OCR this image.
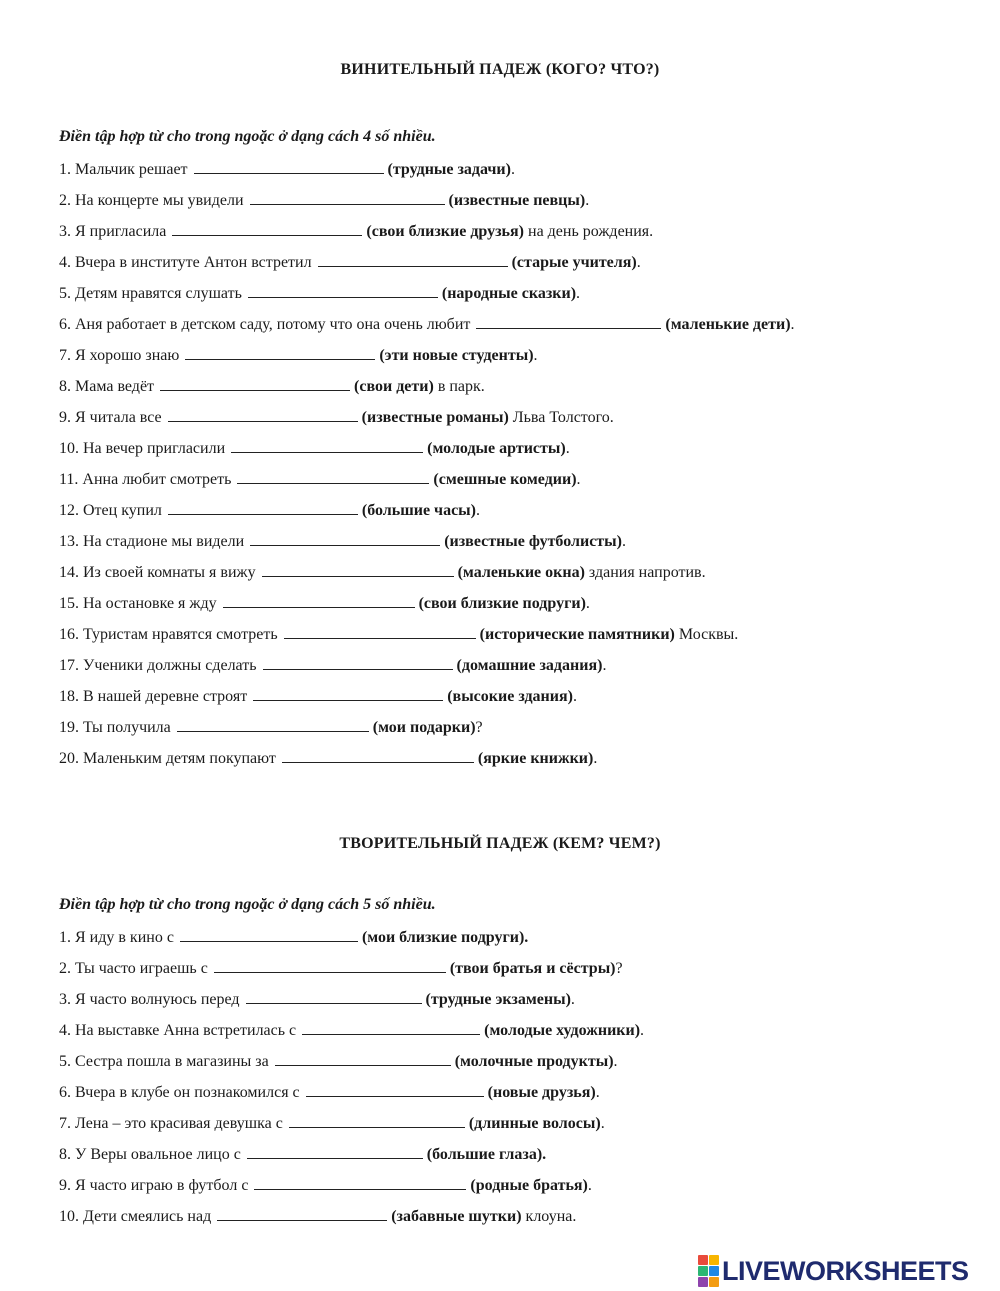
ВИНИТЕЛЬНЫЙ ПАДЕЖ (КОГО? ЧТО?)
Điền tập hợp từ cho trong ngoặc ở dạng cách 4 số nhiều.
1. Мальчик решает	(трудные задачи).
2. На концерте мы увидели	(известные певцы).
3. Я пригласила	(свои близкие друзья) на день рождения.
4. Вчера в институте Антон встретил	(старые учителя).
5. Детям нравятся слушать	(народные сказки).
6. Аня работает в детском саду, потому что она очень любит	(маленькие дети).
7. Я хорошо знаю	(эти новые студенты).
8. Мама ведёт	(свои дети) в парк.
9. Я читала все	(известные романы) Льва Толстого.
10. На вечер пригласили	(молодые артисты).
11. Анна любит смотреть	(смешные комедии).
12. Отец купил	(большие часы).
13. На стадионе мы видели	(известные футболисты).
14. Из своей комнаты я вижу	(маленькие окна) здания напротив.
15. На остановке я жду	(свои близкие подруги).
16. Туристам нравятся смотреть	(исторические памятники) Москвы.
17. Ученики должны сделать	(домашние задания).
18. В нашей деревне строят	(высокие здания).
19. Ты получила	(мои подарки)?
20. Маленьким детям покупают	(яркие книжки).
ТВОРИТЕЛЬНЫЙ ПАДЕЖ (КЕМ? ЧЕМ?)
Điền tập hợp từ cho trong ngoặc ở dạng cách 5 số nhiều.
1. Я иду в кино с	(мои близкие подруги).
2. Ты часто играешь с	(твои братья и сёстры)?
3. Я часто волнуюсь перед	(трудные экзамены).
4. На выставке Анна встретилась с	(молодые художники).
5. Сестра пошла в магазины за	(молочные продукты).
6. Вчера в клубе он познакомился с	(новые друзья).
7. Лена – это красивая девушка с	(длинные волосы).
8. У Веры овальное лицо с	(большие глаза).
9. Я часто играю в футбол с	(родные братья).
10. Дети смеялись над	(забавные шутки) клоуна.
LIVEWORKSHEETS
